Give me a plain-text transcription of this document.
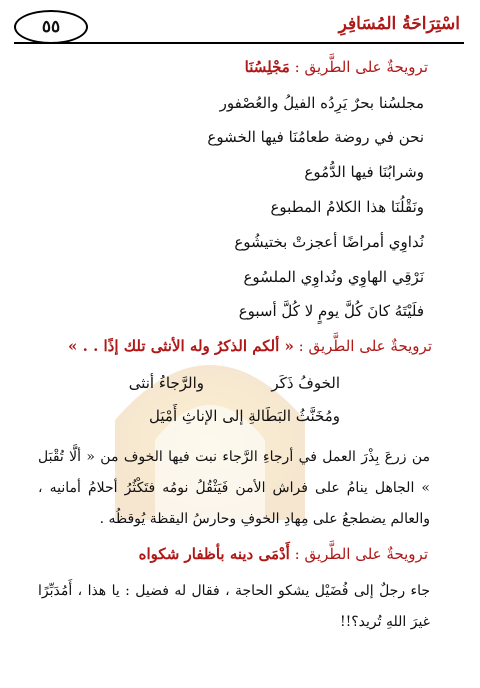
اسْتِرَاحَةُ المُسَافِرِ
٥٥
ترويحةٌ على الطَّريق : مَجْلِسُنَا
مجلسُنا بحرٌ يَرِدُه الفيلُ والعُصْفور
نحن في روضة طعامُنَا فيها الخشوع
وشرابُنَا فيها الدُّمُوع
ونَقْلُنَا هذا الكلامُ المطبوع
نُداوِي أمراضًا أعجزتْ بختيشُوع
نَرْقِي الهاوِي ونُداوِي الملسُوع
فلَيْتَهُ كانَ كُلَّ يومٍ لا كُلَّ أسبوع
ترويحةٌ على الطَّريق : « ألكم الذكرُ وله الأنثى تلك إذًا . . »
الخوفُ ذَكَر
والرَّجاءُ أنثى
ومُخَنَّثُ البَطَالةِ إلى الإناثِ أَمْيَل
من زرعَ بِذْرَ العمل في أرجاءِ الرَّجاء نبت فيها الخوف من « ألَّا تُقْبَل » الجاهل ينامُ على فراش الأمن فَيَثْقُلُ نومُه فتَكْثُرُ أحلامُ أمانيه ، والعالم يضطجعُ على مِهادِ الخوفِ وحارسُ اليقظة يُوقظُه .
ترويحةٌ على الطَّريق : أَدْمَى دينه بأظفار شكواه
جاء رجلٌ إلى فُضَيْل يشكو الحاجة ، فقال له فضيل : يا هذا ، أَمُدَبِّرًا غيرَ اللهِ تُريد؟!!
